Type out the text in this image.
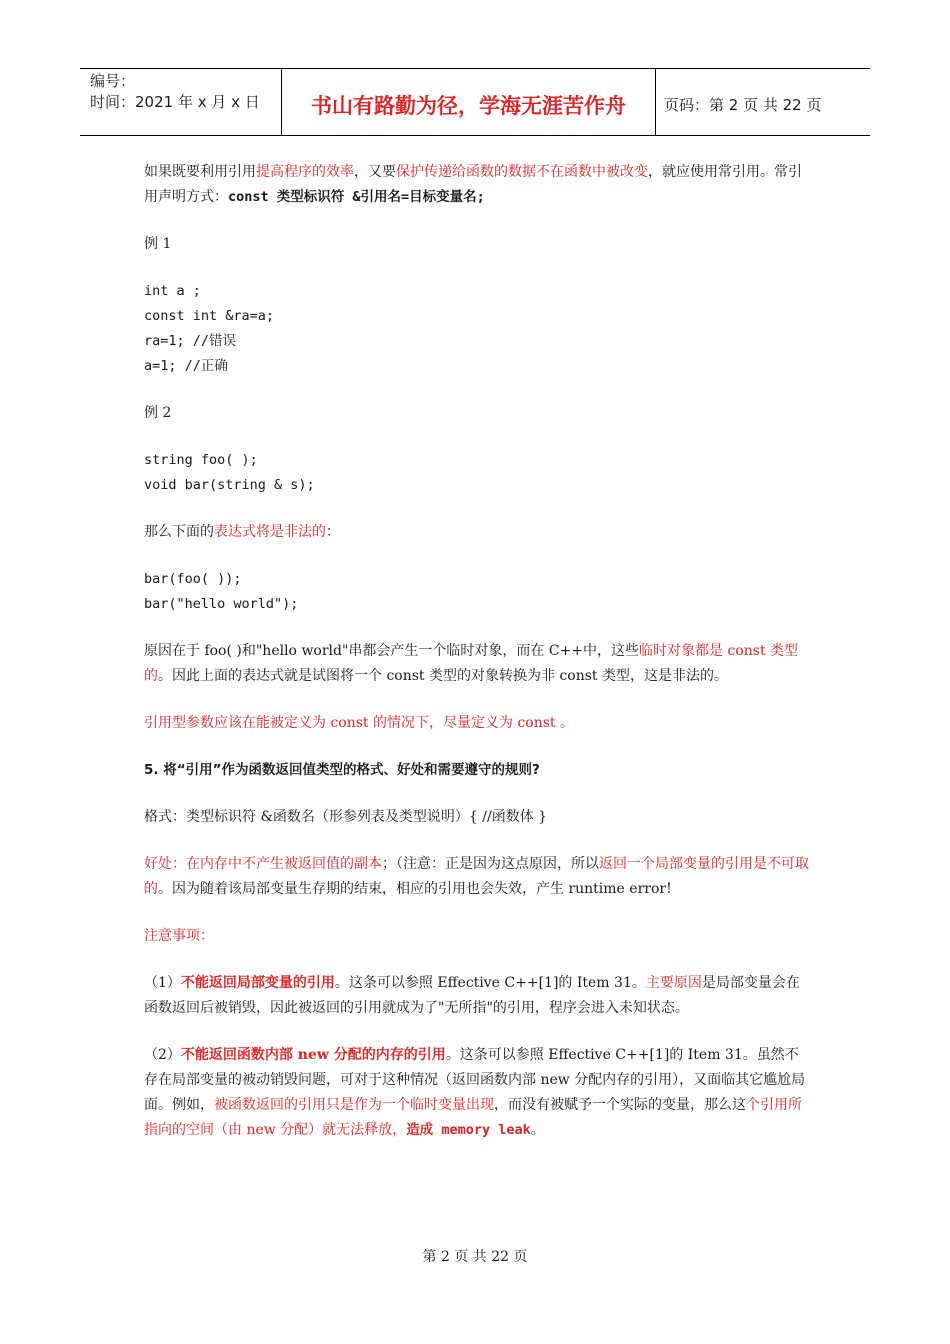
编号：
时间：2021 年 x 月 x 日	书山有路勤为径，学海无涯苦作舟	页码：第 2 页 共 22 页

如果既要利用引用提高程序的效率，又要保护传递给函数的数据不在函数中被改变，就应使用常引用。常引用声明方式：const 类型标识符 &引用名=目标变量名;

例 1

int a ;

const int &ra=a;

ra=1; //错误

a=1; //正确

例 2

string foo( );

void bar(string & s);

那么下面的表达式将是非法的：

bar(foo( ));

bar("hello world");

原因在于 foo( )和"hello world"串都会产生一个临时对象，而在 C++中，这些临时对象都是 const 类型的。因此上面的表达式就是试图将一个 const 类型的对象转换为非 const 类型，这是非法的。

引用型参数应该在能被定义为 const 的情况下，尽量定义为 const 。

5. 将“引用”作为函数返回值类型的格式、好处和需要遵守的规则?

格式：类型标识符 &函数名（形参列表及类型说明）{ //函数体 }

好处：在内存中不产生被返回值的副本；（注意：正是因为这点原因，所以返回一个局部变量的引用是不可取的。因为随着该局部变量生存期的结束，相应的引用也会失效，产生 runtime error!

注意事项：

（1）不能返回局部变量的引用。这条可以参照 Effective C++[1]的 Item 31。主要原因是局部变量会在函数返回后被销毁，因此被返回的引用就成为了"无所指"的引用，程序会进入未知状态。

（2）不能返回函数内部 new 分配的内存的引用。这条可以参照 Effective C++[1]的 Item 31。虽然不存在局部变量的被动销毁问题，可对于这种情况（返回函数内部 new 分配内存的引用），又面临其它尴尬局面。例如，被函数返回的引用只是作为一个临时变量出现，而没有被赋予一个实际的变量，那么这个引用所指向的空间（由 new 分配）就无法释放，造成 memory leak。

第 2 页 共 22 页
